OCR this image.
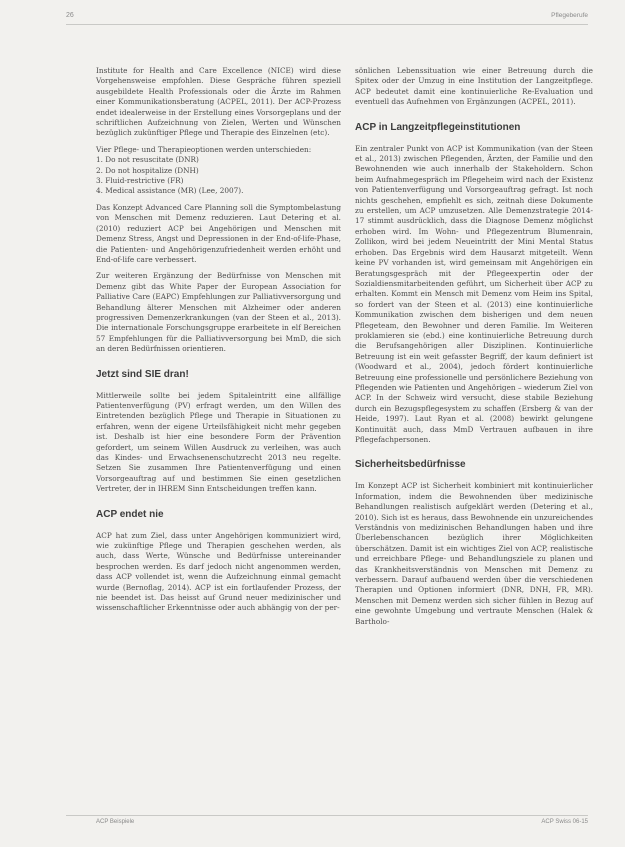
26	Pflegeberufe

Institute for Health and Care Excellence (NICE) wird diese Vorgehensweise empfohlen. Diese Gespräche führen speziell ausgebildete Health Professionals oder die Ärzte im Rahmen einer Kommunikationsberatung (ACPEL, 2011). Der ACP-Prozess endet idealerweise in der Erstellung eines Vorsorgeplans und der schriftlichen Aufzeichnung von Zielen, Werten und Wünschen bezüglich zukünftiger Pflege und Therapie des Einzelnen (etc).

Vier Pflege- und Therapieoptionen werden unterschieden:

1. Do not resuscitate (DNR)
2. Do not hospitalize (DNH)
3. Fluid-restrictive (FR)
4. Medical assistance (MR) (Lee, 2007).

Das Konzept Advanced Care Planning soll die Symptombelastung von Menschen mit Demenz reduzieren. Laut Detering et al. (2010) reduziert ACP bei Angehörigen und Menschen mit Demenz Stress, Angst und Depressionen in der End-of-life-Phase, die Patienten- und Angehörigenzufriedenheit werden erhöht und End-of-life care verbessert.

Zur weiteren Ergänzung der Bedürfnisse von Menschen mit Demenz gibt das White Paper der European Association for Palliative Care (EAPC) Empfehlungen zur Palliativversorgung und Behandlung älterer Menschen mit Alzheimer oder anderen progressiven Demenzerkrankungen (van der Steen et al., 2013). Die internationale Forschungsgruppe erarbeitete in elf Bereichen 57 Empfehlungen für die Palliativversorgung bei MmD, die sich an deren Bedürfnissen orientieren.

Jetzt sind SIE dran!

Mittlerweile sollte bei jedem Spitaleintritt eine allfällige Patientenverfügung (PV) erfragt werden, um den Willen des Eintretenden bezüglich Pflege und Therapie in Situationen zu erfahren, wenn der eigene Urteilsfähigkeit nicht mehr gegeben ist. Deshalb ist hier eine besondere Form der Prävention gefordert, um seinem Willen Ausdruck zu verleihen, was auch das Kindes- und Erwachsenenschutzrecht 2013 neu regelte. Setzen Sie zusammen Ihre Patientenverfügung und einen Vorsorgeauftrag auf und bestimmen Sie einen gesetzlichen Vertreter, der in IHREM Sinn Entscheidungen treffen kann.

ACP endet nie

ACP hat zum Ziel, dass unter Angehörigen kommuniziert wird, wie zukünftige Pflege und Therapien geschehen werden, als auch, dass Werte, Wünsche und Bedürfnisse untereinander besprochen werden. Es darf jedoch nicht angenommen werden, dass ACP vollendet ist, wenn die Aufzeichnung einmal gemacht wurde (Bernoflag, 2014). ACP ist ein fortlaufender Prozess, der nie beendet ist. Das heisst auf Grund neuer medizinischer und wissenschaftlicher Erkenntnisse oder auch abhängig von der per-

sönlichen Lebenssituation wie einer Betreuung durch die Spitex oder der Umzug in eine Institution der Langzeitpflege. ACP bedeutet damit eine kontinuierliche Re-Evaluation und eventuell das Aufnehmen von Ergänzungen (ACPEL, 2011).

ACP in Langzeitpflegeinstitutionen

Ein zentraler Punkt von ACP ist Kommunikation (van der Steen et al., 2013) zwischen Pflegenden, Ärzten, der Familie und den Bewohnenden wie auch innerhalb der Stakeholdern. Schon beim Aufnahmegespräch im Pflegeheim wird nach der Existenz von Patientenverfügung und Vorsorgeauftrag gefragt. Ist noch nichts geschehen, empfiehlt es sich, zeitnah diese Dokumente zu erstellen, um ACP umzusetzen. Alle Demenzstrategie 2014-17 stimmt ausdrücklich, dass die Diagnose Demenz möglichst erhoben wird. Im Wohn- und Pflegezentrum Blumenrain, Zollikon, wird bei jedem Neueintritt der Mini Mental Status erhoben. Das Ergebnis wird dem Hausarzt mitgeteilt. Wenn keine PV vorhanden ist, wird gemeinsam mit Angehörigen ein Beratungsgespräch mit der Pflegeexpertin oder der Sozialdiensmitarbeitenden geführt, um Sicherheit über ACP zu erhalten. Kommt ein Mensch mit Demenz vom Heim ins Spital, so fordert van der Steen et al. (2013) eine kontinuierliche Kommunikation zwischen dem bisherigen und dem neuen Pflegeteam, den Bewohner und deren Familie. Im Weiteren proklamieren sie (ebd.) eine kontinuierliche Betreuung durch die Berufsangehörigen aller Disziplinen. Kontinuierliche Betreuung ist ein weit gefasster Begriff, der kaum definiert ist (Woodward et al., 2004), jedoch fördert kontinuierliche Betreuung eine professionelle und persönlichere Beziehung von Pflegenden wie Patienten und Angehörigen – wiederum Ziel von ACP. In der Schweiz wird versucht, diese stabile Beziehung durch ein Bezugspflegesystem zu schaffen (Ersberg & van der Heide, 1997). Laut Ryan et al. (2008) bewirkt gelungene Kontinuität auch, dass MmD Vertrauen aufbauen in ihre Pflegefachpersonen.

Sicherheitsbedürfnisse

Im Konzept ACP ist Sicherheit kombiniert mit kontinuierlicher Information, indem die Bewohnenden über medizinische Behandlungen realistisch aufgeklärt werden (Detering et al., 2010). Sich ist es heraus, dass Bewohnende ein unzureichendes Verständnis von medizinischen Behandlungen haben und ihre Überlebenschancen bezüglich ihrer Möglichkeiten überschätzen. Damit ist ein wichtiges Ziel von ACP, realistische und erreichbare Pflege- und Behandlungsziele zu planen und das Krankheitsverständnis von Menschen mit Demenz zu verbessern. Darauf aufbauend werden über die verschiedenen Therapien und Optionen informiert (DNR, DNH, FR, MR). Menschen mit Demenz werden sich sicher fühlen in Bezug auf eine gewohnte Umgebung und vertraute Menschen (Halek & Bartholo-

ACP Beispiele	ACP Swiss 06-15
